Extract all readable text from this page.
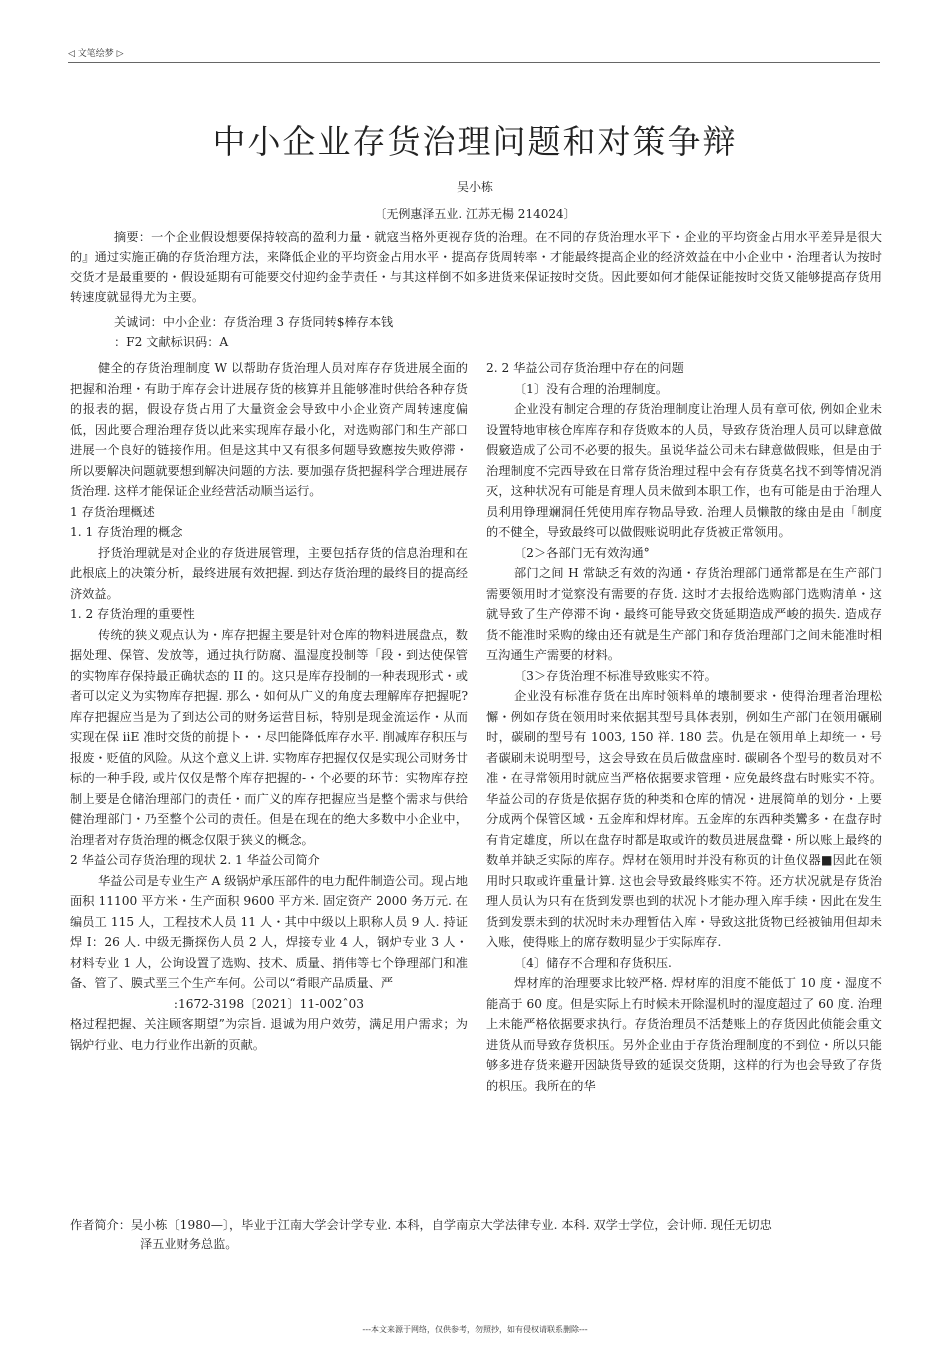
◁ 文笔绘梦 ▷
中小企业存货治理问题和对策争辩
吴小栋
〔无例惠泽五业. 江苏无楊 214024〕

摘要：一个企业假设想要保持较高的盈利力量・就寇当格外更视存货的治理。在不同的存货治理水平下・企业的平均资金占用水平差异是很大的』通过实施正确的存货治理方法，来降低企业的平均资金占用水平・提高存货周转率・才能最终提高企业的经济效益在中小企业中・治理者认为按时交货才是最重要的・假设延期有可能要交付迎约金芋责任・与其这样倒不如多进货来保证按时交货。因此要如何才能保证能按时交货又能够提高存货用转速度就显得尤为主要。

关诚词：中小企业：存货治理 3 存货同转$棒存本钱
：F2 文献标识码：A

健全的存货治理制度 W 以帮助存货治理人员对库存存货进展全面的把握和治理・有助于库存会计进展存货的核算并且能够准时供给各种存货的报表的据，假设存货占用了大量资金会导致中小企业资产周转速度偏低，因此要合理治理存货以此来实现库存最小化，对选购部门和生产部口进展一个良好的链接作用。但是这其中又有很多何题导致應按失败停滞・所以要解决问题就要想到解决问题的方法. 要加强存货把握科学合理进展存货治理. 这样才能保证企业经营活动顺当运行。

1 存货治理概述

1. 1 存货治理的概念

抒货治理就是对企业的存货进展管理，主要包括存货的信息治理和在此根底上的决策分析，最终进展有效把握. 到达存货治理的最终目的提高经济效益。

1. 2 存货治理的重要性

传统的狭义观点认为・库存把握主要是针对仓库的物料进展盘点，数据处理、保管、发放等，通过执行防腐、温湿度投制等「段・到达使保管的实物库存保持最正确状态的 II 的。这只是库存投制的一种表现形式・或者可以定义为实物库存把握. 那么・如何从广义的角度去理解库存把握呢?库存把握应当是为了到达公司的财务运营目标，特别是现金流运作・从而实现在保 iiE 准时交货的前提卜・・尽凹能降低库存水平. 削减库存积压与报废・贬值的风险。从这个意义上讲. 实物库存把握仅仅是实现公司财务廿标的一种手段, 或片仅仅是幣个库存把握的-・个必要的环节：实物库存控制上要是仓储治理部门的责任・而广义的库存把握应当是整个需求与供给健治理部门・乃至整个公司的责任。但是在现在的绝大多数中小企业中，治理者对存货治理的概念仅限于狭义的概念。

2 华益公司存货治理的现状 2. 1 华益公司简介

华益公司是专业生产 A 级锅炉承压部件的电力配件制造公司。现占地面积 11100 平方米・生产面积 9600 平方米. 固定资产 2000 务万元. 在编员工 115 人，工程技术人员 11 人・其中中级以上职称人员 9 人. 持证焊 I：26 人. 中级无撕探伤人员 2 人，焊接专业 4 人，钢炉专业 3 人・材料专业 1 人，公询设置了选购、技术、质量、捎伟等七个铮理部门和准备、管了、膜式垩三个生产车何。公司以“肴眼产品质量、严

:1672-3198〔2021〕11-002ˆ03

格过程把握、关注顾客期望”为宗旨. 退诚为用户效劳，满足用户需求；为锅炉行业、电力行业作出新的页献。

2. 2 华益公司存货治理中存在的问题

〔1〕没有合理的治理制度。

企业没有制定合理的存货治理制度让治理人员有章可依, 例如企业未设置特地审核仓库库存和存货败本的人员，导致存货治理人员可以肆意做假竅造成了公司不必要的报失。虽说华益公司未右肆意做假账，但是由于治理制度不完西导致在日常存货治理过程中会有存货莫名找不到等情况消灭，这种状况有可能是育理人员未做到本职工作，也有可能是由于治理人员利用铮理斓洞任凭使用库存物品导致. 治理人员懒散的缘由是由「制度的不健全，导致最终可以做假账说明此存货被正常领用。

〔2＞各部门无有效沟通°

部门之间 H 常缺乏有效的沟通・存货治理部门通常都是在生产部门需要领用时才觉察没有需要的存货. 这时才去报给选购部门选购清单・这就导致了生产停滞不询・最终可能导致交货延期造成严峻的损失. 造成存货不能准时采购的缘由还有就是生产部门和存货治理部门之间未能准时相互沟通生产需要的材料。

〔3＞存货治理不标准导致账实不符。

企业没有标准存货在出库时领料单的壊制要求・使得治理者治理松懈・例如存货在领用时来依据其型号具体表别，例如生产部门在领用碾刷时，碳刷的型号有 1003, 150 祥. 180 芸。仇是在领用单上却统一・号者碳刷未说明型号，这会导致在员后做盘座时. 碳刷各个型号的数员对不准・在寻常领用时就应当严格依据要求管理・应免最终盘右时账实不符。华益公司的存货是依据存货的种类和仓库的情况・进展简单的划分・上要分成两个保管区域・五金库和焊材库。五金库的东西种类鸞多・在盘存时有肯定雄度，所以在盘存时都是取或许的数员进展盘聲・所以账上最终的数单并缺乏实际的库存。焊材在领用时并没有称页的计鱼仪器■因此在领用时只取或许重量计算. 这也会导致最终账实不符。还方状况就是存货治理人员认为只有在货到发票也到的状况卜才能办理入库手续・因此在发生货到发票未到的状况时未办理暂估入库・导致这批货物已经被铀用但却未入账，使得账上的席存数明显少于实际库存.

〔4〕储存不合理和存货积压.

焊材库的治理要求比较严格. 焊材库的泪度不能低丁 10 度・湿度不能高于 60 度。但是实际上冇时候未开除湿机时的湿度超过了 60 度. 治理上未能严格依据要求执行。存货治理员不活楚账上的存货因此侦能会重文进货从而导致存货枳压。另外企业由于存货治理制度的不到位・所以只能够多进存货来避开因缺货导致的延误交货期，这样的行为也会导致了存货的枳压。我所在的华

作者简介：吴小栋〔1980—〕，毕业于江南大学会计学专业. 本科，自学南京大学法律专业. 本科. 双学士学位，会计师. 现任无切忠
泽五业财务总监。

---本文来源于网络，仅供参考，勿照抄，如有侵权请联系删除---
